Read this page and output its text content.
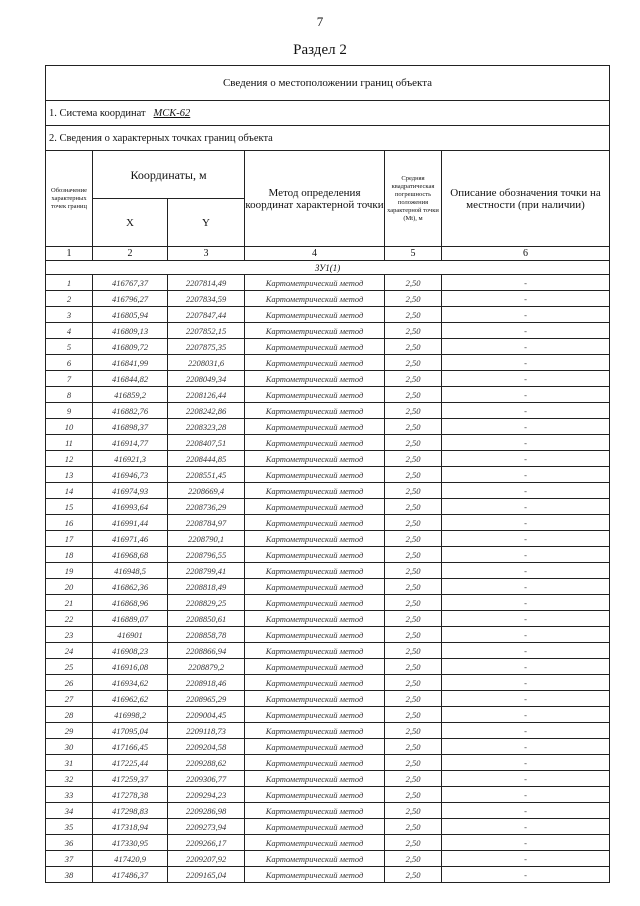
7
Раздел 2
Сведения о местоположении границ объекта					
1. Система координат МСК-62					
2. Сведения о характерных точках границ объекта					
Обозначение характерных точек границ	Координаты, м		Метод определения координат характерной точки	Средняя квадратическая погрешность положения характерной точки (Mt), м	Описание обозначения точки на местности (при наличии)
	X	Y			
1	2	3	4	5	6
ЗУ1(1)					
1	416767,37	2207814,49	Картометрический метод	2,50	-
2	416796,27	2207834,59	Картометрический метод	2,50	-
3	416805,94	2207847,44	Картометрический метод	2,50	-
4	416809,13	2207852,15	Картометрический метод	2,50	-
5	416809,72	2207875,35	Картометрический метод	2,50	-
6	416841,99	2208031,6	Картометрический метод	2,50	-
7	416844,82	2208049,34	Картометрический метод	2,50	-
8	416859,2	2208126,44	Картометрический метод	2,50	-
9	416882,76	2208242,86	Картометрический метод	2,50	-
10	416898,37	2208323,28	Картометрический метод	2,50	-
11	416914,77	2208407,51	Картометрический метод	2,50	-
12	416921,3	2208444,85	Картометрический метод	2,50	-
13	416946,73	2208551,45	Картометрический метод	2,50	-
14	416974,93	2208669,4	Картометрический метод	2,50	-
15	416993,64	2208736,29	Картометрический метод	2,50	-
16	416991,44	2208784,97	Картометрический метод	2,50	-
17	416971,46	2208790,1	Картометрический метод	2,50	-
18	416968,68	2208796,55	Картометрический метод	2,50	-
19	416948,5	2208799,41	Картометрический метод	2,50	-
20	416862,36	2208818,49	Картометрический метод	2,50	-
21	416868,96	2208829,25	Картометрический метод	2,50	-
22	416889,07	2208850,61	Картометрический метод	2,50	-
23	416901	2208858,78	Картометрический метод	2,50	-
24	416908,23	2208866,94	Картометрический метод	2,50	-
25	416916,08	2208879,2	Картометрический метод	2,50	-
26	416934,62	2208918,46	Картометрический метод	2,50	-
27	416962,62	2208965,29	Картометрический метод	2,50	-
28	416998,2	2209004,45	Картометрический метод	2,50	-
29	417095,04	2209118,73	Картометрический метод	2,50	-
30	417166,45	2209204,58	Картометрический метод	2,50	-
31	417225,44	2209288,62	Картометрический метод	2,50	-
32	417259,37	2209306,77	Картометрический метод	2,50	-
33	417278,38	2209294,23	Картометрический метод	2,50	-
34	417298,83	2209286,98	Картометрический метод	2,50	-
35	417318,94	2209273,94	Картометрический метод	2,50	-
36	417330,95	2209266,17	Картометрический метод	2,50	-
37	417420,9	2209207,92	Картометрический метод	2,50	-
38	417486,37	2209165,04	Картометрический метод	2,50	-
